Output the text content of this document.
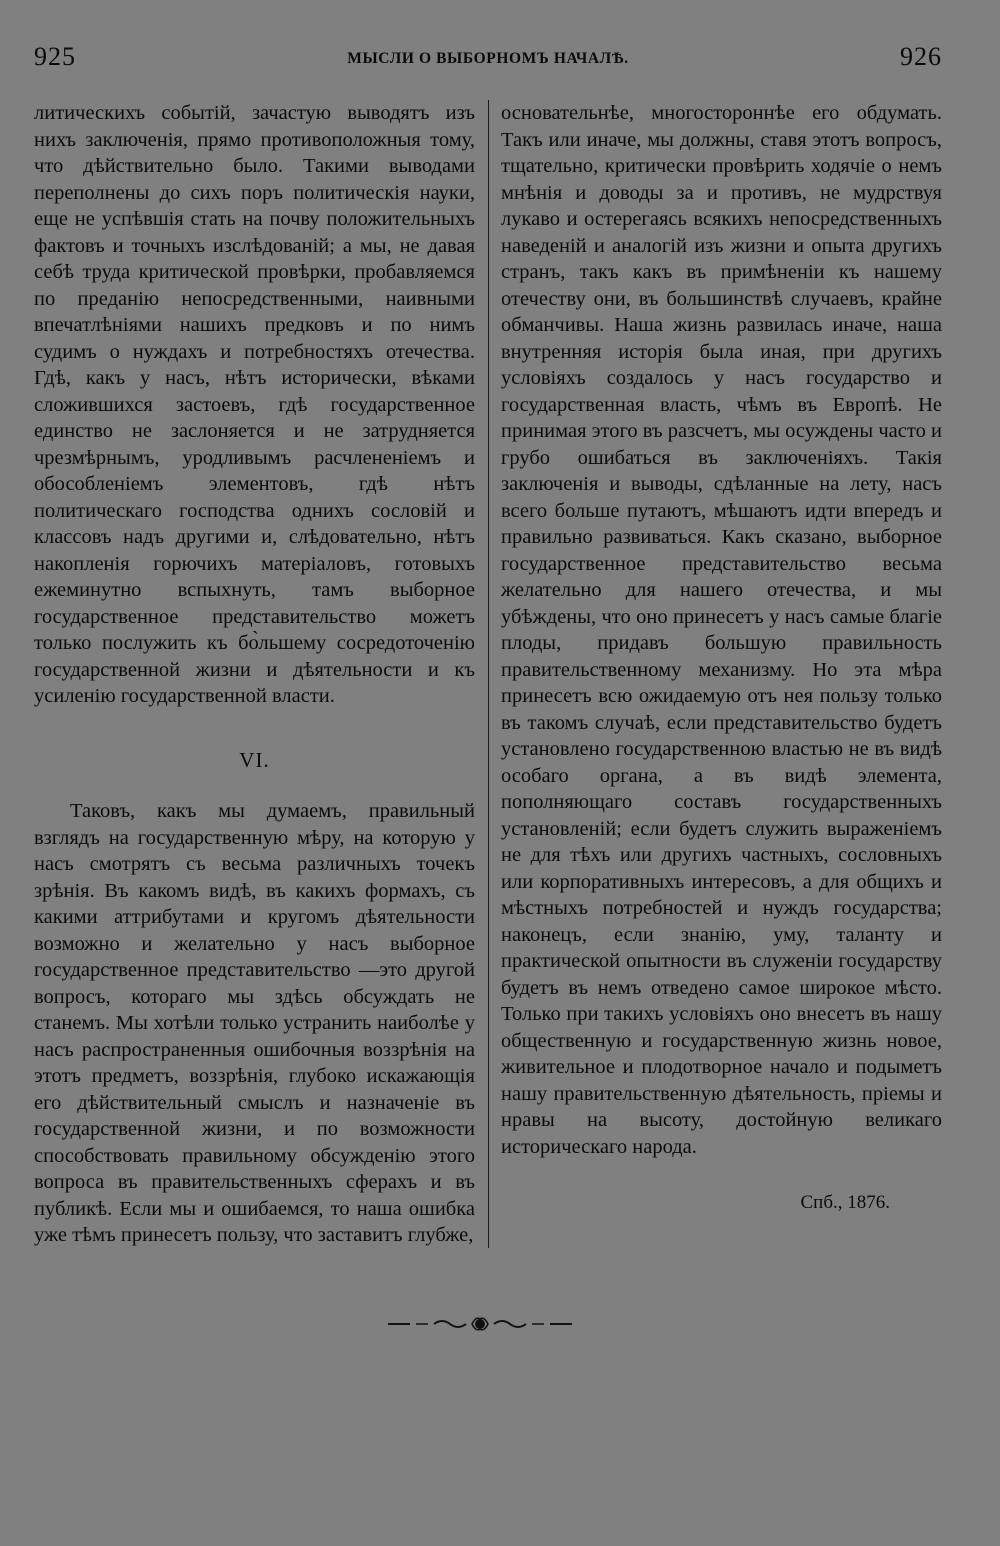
925	МЫСЛИ О ВЫБОРНОМЪ НАЧАЛѢ.	926

литическихъ событій, зачастую выводятъ изъ нихъ заключенія, прямо противоположныя тому, что дѣйствительно было. Такими выводами переполнены до сихъ поръ политическія науки, еще не успѣвшія стать на почву положительныхъ фактовъ и точныхъ изслѣдованій; а мы, не давая себѣ труда критической провѣрки, пробавляемся по преданію непосредственными, наивными впечатлѣніями нашихъ предковъ и по нимъ судимъ о нуждахъ и потребностяхъ отечества. Гдѣ, какъ у насъ, нѣтъ исторически, вѣками сложившихся застоевъ, гдѣ государственное единство не заслоняется и не затрудняется чрезмѣрнымъ, уродливымъ расчлененіемъ и обособленіемъ элементовъ, гдѣ нѣтъ политическаго господства однихъ сословій и классовъ надъ другими и, слѣдовательно, нѣтъ накопленія горючихъ матеріаловъ, готовыхъ ежеминутно вспыхнуть, тамъ выборное государственное представительство можетъ только послужить къ бо̀льшему сосредоточенію государственной жизни и дѣятельности и къ усиленію государственной власти.

VI.

Таковъ, какъ мы думаемъ, правильный взглядъ на государственную мѣру, на которую у насъ смотрятъ съ весьма различныхъ точекъ зрѣнія. Въ какомъ видѣ, въ какихъ формахъ, съ какими аттрибутами и кругомъ дѣятельности возможно и желательно у насъ выборное государственное представительство —это другой вопросъ, котораго мы здѣсь обсуждать не станемъ. Мы хотѣли только устранить наиболѣе у насъ распространенныя ошибочныя воззрѣнія на этотъ предметъ, воззрѣнія, глубоко искажающія его дѣйствительный смыслъ и назначеніе въ государственной жизни, и по возможности способствовать правильному обсужденію этого вопроса въ правительственныхъ сферахъ и въ публикѣ. Если мы и ошибаемся, то наша ошибка уже тѣмъ принесетъ пользу, что заставитъ глубже,

основательнѣе, многостороннѣе его обдумать. Такъ или иначе, мы должны, ставя этотъ вопросъ, тщательно, критически провѣрить ходячіе о немъ мнѣнія и доводы за и противъ, не мудрствуя лукаво и остерегаясь всякихъ непосредственныхъ наведеній и аналогій изъ жизни и опыта другихъ странъ, такъ какъ въ примѣненіи къ нашему отечеству они, въ большинствѣ случаевъ, крайне обманчивы. Наша жизнь развилась иначе, наша внутренняя исторія была иная, при другихъ условіяхъ создалось у насъ государство и государственная власть, чѣмъ въ Европѣ. Не принимая этого въ разсчетъ, мы осуждены часто и грубо ошибаться въ заключеніяхъ. Такія заключенія и выводы, сдѣланные на лету, насъ всего больше путаютъ, мѣшаютъ идти впередъ и правильно развиваться. Какъ сказано, выборное государственное представительство весьма желательно для нашего отечества, и мы убѣждены, что оно принесетъ у насъ самые благіе плоды, придавъ большую правильность правительственному механизму. Но эта мѣра принесетъ всю ожидаемую отъ нея пользу только въ такомъ случаѣ, если представительство будетъ установлено государственною властью не въ видѣ особаго органа, а въ видѣ элемента, пополняющаго составъ государственныхъ установленій; если будетъ служить выраженіемъ не для тѣхъ или другихъ частныхъ, сословныхъ или корпоративныхъ интересовъ, а для общихъ и мѣстныхъ потребностей и нуждъ государства; наконецъ, если знанію, уму, таланту и практической опытности въ служеніи государству будетъ въ немъ отведено самое широкое мѣсто. Только при такихъ условіяхъ оно внесетъ въ нашу общественную и государственную жизнь новое, живительное и плодотворное начало и подыметъ нашу правительственную дѣятельность, пріемы и нравы на высоту, достойную великаго историческаго народа.

Спб., 1876.
